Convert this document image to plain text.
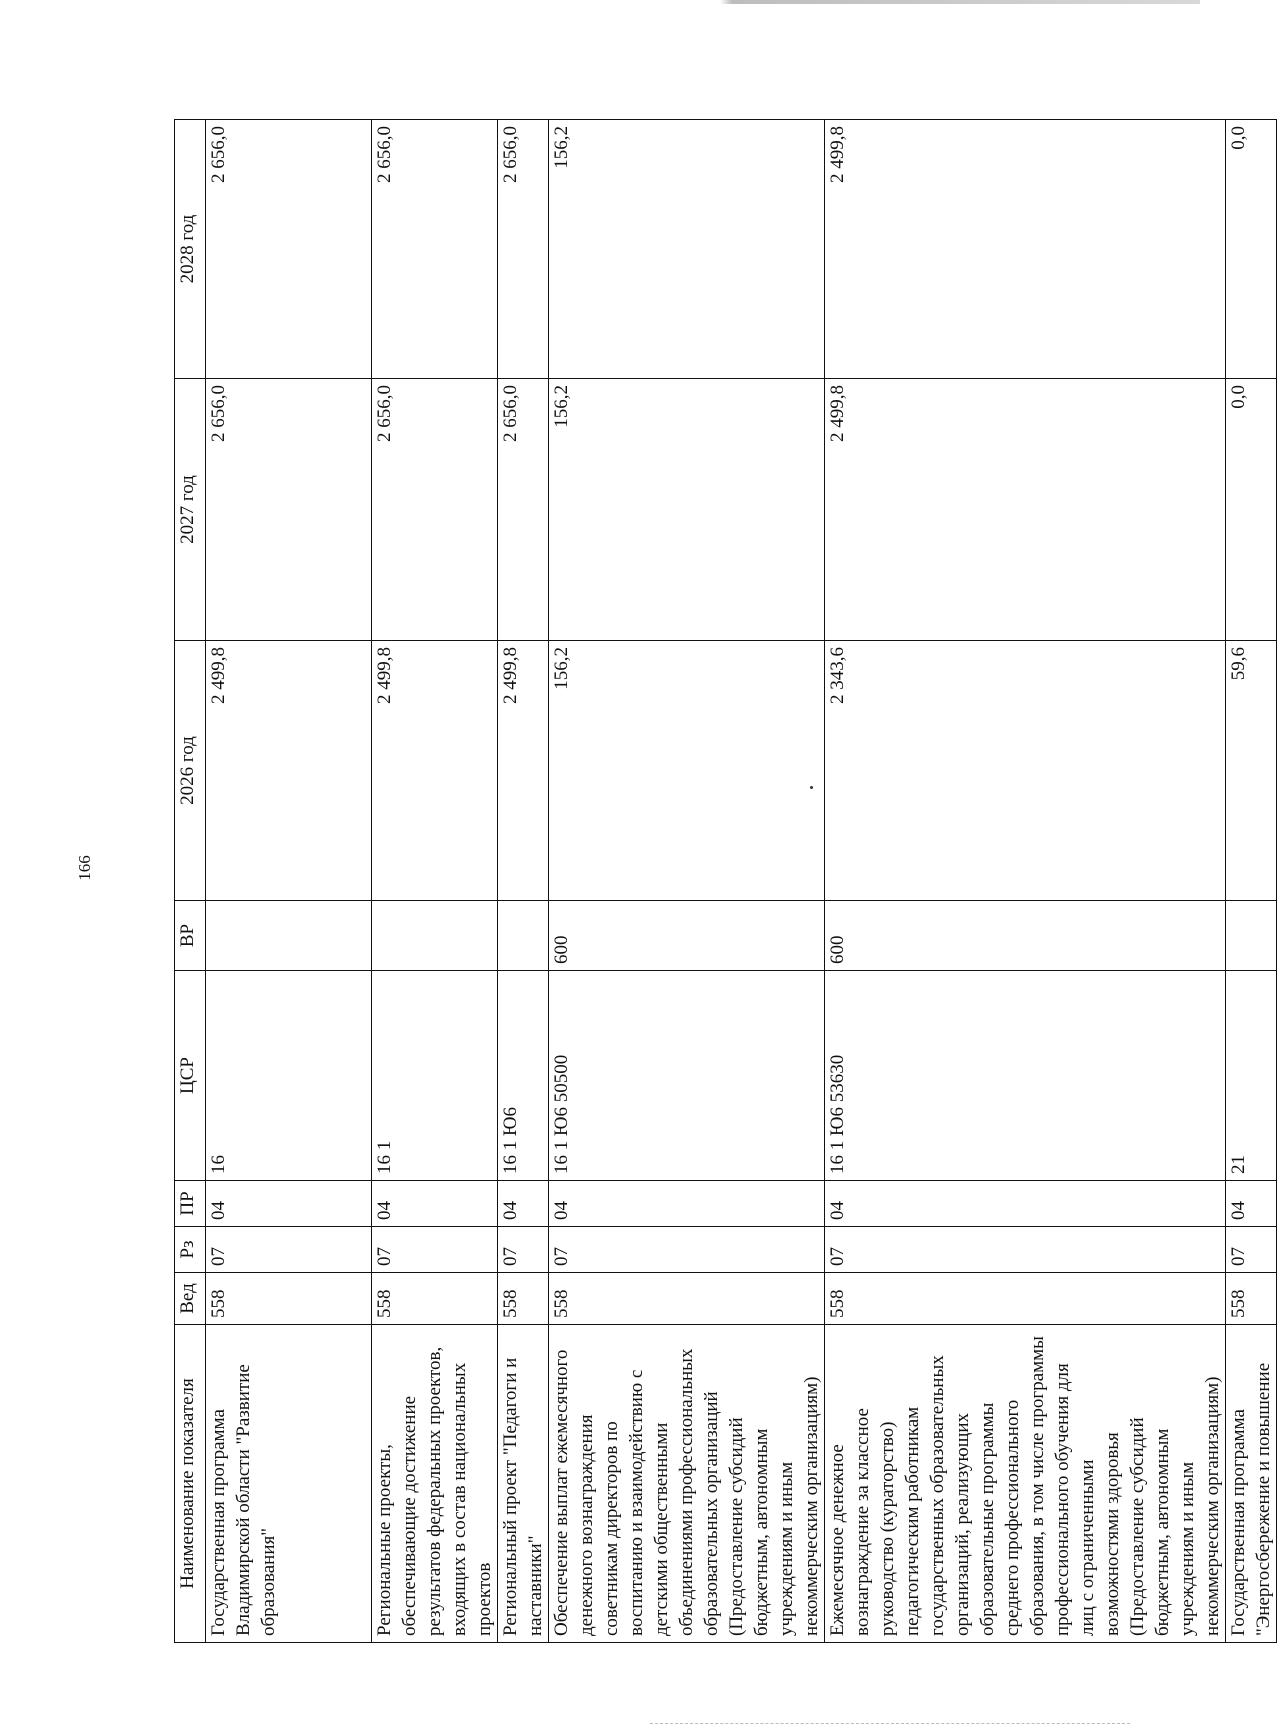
166
Наименование показателя	Вед	Рз	ПР	ЦСР	ВР	2026 год	2027 год	2028 год
Государственная программа Владимирской области "Развитие образования"	558	07	04	16		2 499,8	2 656,0	2 656,0
Региональные проекты, обеспечивающие достижение результатов федеральных проектов, входящих в состав национальных проектов	558	07	04	16 1		2 499,8	2 656,0	2 656,0
Региональный проект "Педагоги и наставники"	558	07	04	16 1 Ю6		2 499,8	2 656,0	2 656,0
Обеспечение выплат ежемесячного денежного вознаграждения советникам директоров по воспитанию и взаимодействию с детскими общественными объединениями профессиональных образовательных организаций (Предоставление субсидий бюджетным, автономным учреждениям и иным некоммерческим организациям)	558	07	04	16 1 Ю6 50500	600	156,2	156,2	156,2
Ежемесячное денежное вознаграждение за классное руководство (кураторство) педагогическим работникам государственных образовательных организаций, реализующих образовательные программы среднего профессионального образования, в том числе программы профессионального обучения для лиц с ограниченными возможностями здоровья (Предоставление субсидий бюджетным, автономным учреждениям и иным некоммерческим организациям)	558	07	04	16 1 Ю6 53630	600	2 343,6	2 499,8	2 499,8
Государственная программа "Энергосбережение и повышение	558	07	04	21		59,6	0,0	0,0
